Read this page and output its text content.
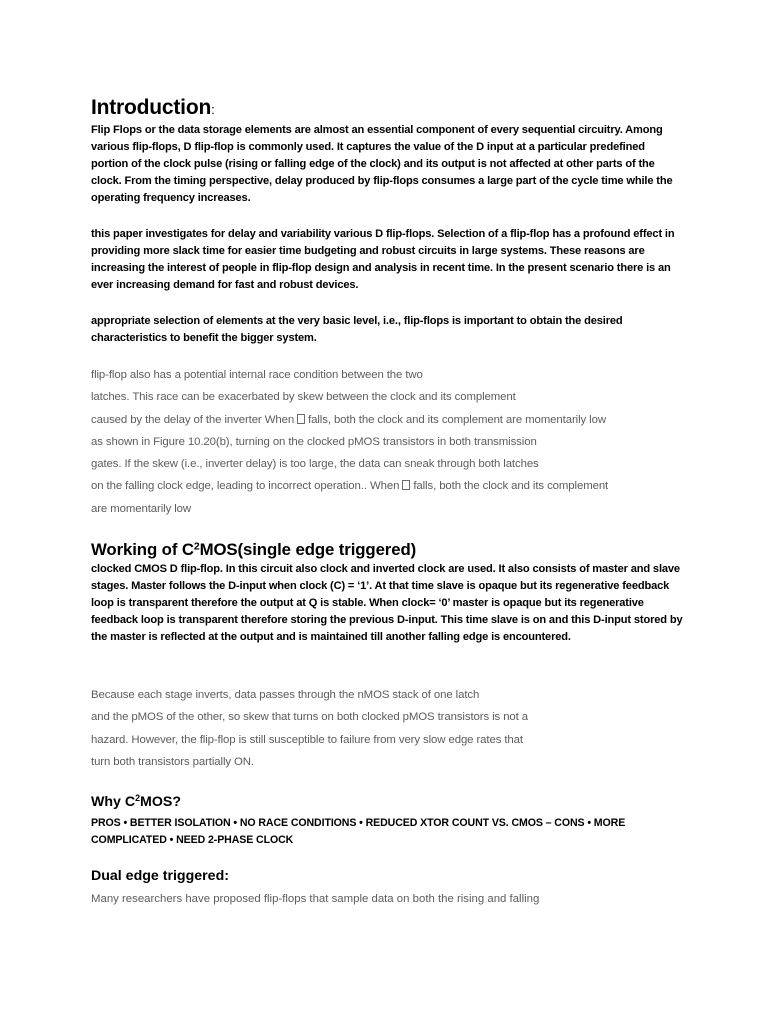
Introduction:

Flip Flops or the data storage elements are almost an essential component of every sequential circuitry. Among various flip-flops, D flip-flop is commonly used. It captures the value of the D input at a particular predefined portion of the clock pulse (rising or falling edge of the clock) and its output is not affected at other parts of the clock. From the timing perspective, delay produced by flip-flops consumes a large part of the cycle time while the operating frequency increases.

this paper investigates for delay and variability various D flip-flops. Selection of a flip-flop has a profound effect in providing more slack time for easier time budgeting and robust circuits in large systems. These reasons are increasing the interest of people in flip-flop design and analysis in recent time. In the present scenario there is an ever increasing demand for fast and robust devices.

appropriate selection of elements at the very basic level, i.e., flip-flops is important to obtain the desired characteristics to benefit the bigger system.

flip-flop also has a potential internal race condition between the two
latches. This race can be exacerbated by skew between the clock and its complement
caused by the delay of the inverter When falls, both the clock and its complement are momentarily low
as shown in Figure 10.20(b), turning on the clocked pMOS transistors in both transmission
gates. If the skew (i.e., inverter delay) is too large, the data can sneak through both latches
on the falling clock edge, leading to incorrect operation.. When falls, both the clock and its complement
are momentarily low
Working of $C^2MOS(single$ edge triggered)

clocked CMOS D flip-flop. In this circuit also clock and inverted clock are used. It also consists of master and slave stages. Master follows the D-input when clock (C) = ‘1’. At that time slave is opaque but its regenerative feedback loop is transparent therefore the output at Q is stable. When clock= ‘0’ master is opaque but its regenerative feedback loop is transparent therefore storing the previous D-input. This time slave is on and this D-input stored by the master is reflected at the output and is maintained till another falling edge is encountered.

Because each stage inverts, data passes through the nMOS stack of one latch
and the pMOS of the other, so skew that turns on both clocked pMOS transistors is not a
hazard. However, the flip-flop is still susceptible to failure from very slow edge rates that
turn both transistors partially ON.
Why $C^2MOS$?

PROS • BETTER ISOLATION • NO RACE CONDITIONS • REDUCED XTOR COUNT VS. CMOS – CONS • MORE COMPLICATED • NEED 2-PHASE CLOCK

Dual edge triggered:

Many researchers have proposed flip-flops that sample data on both the rising and falling
